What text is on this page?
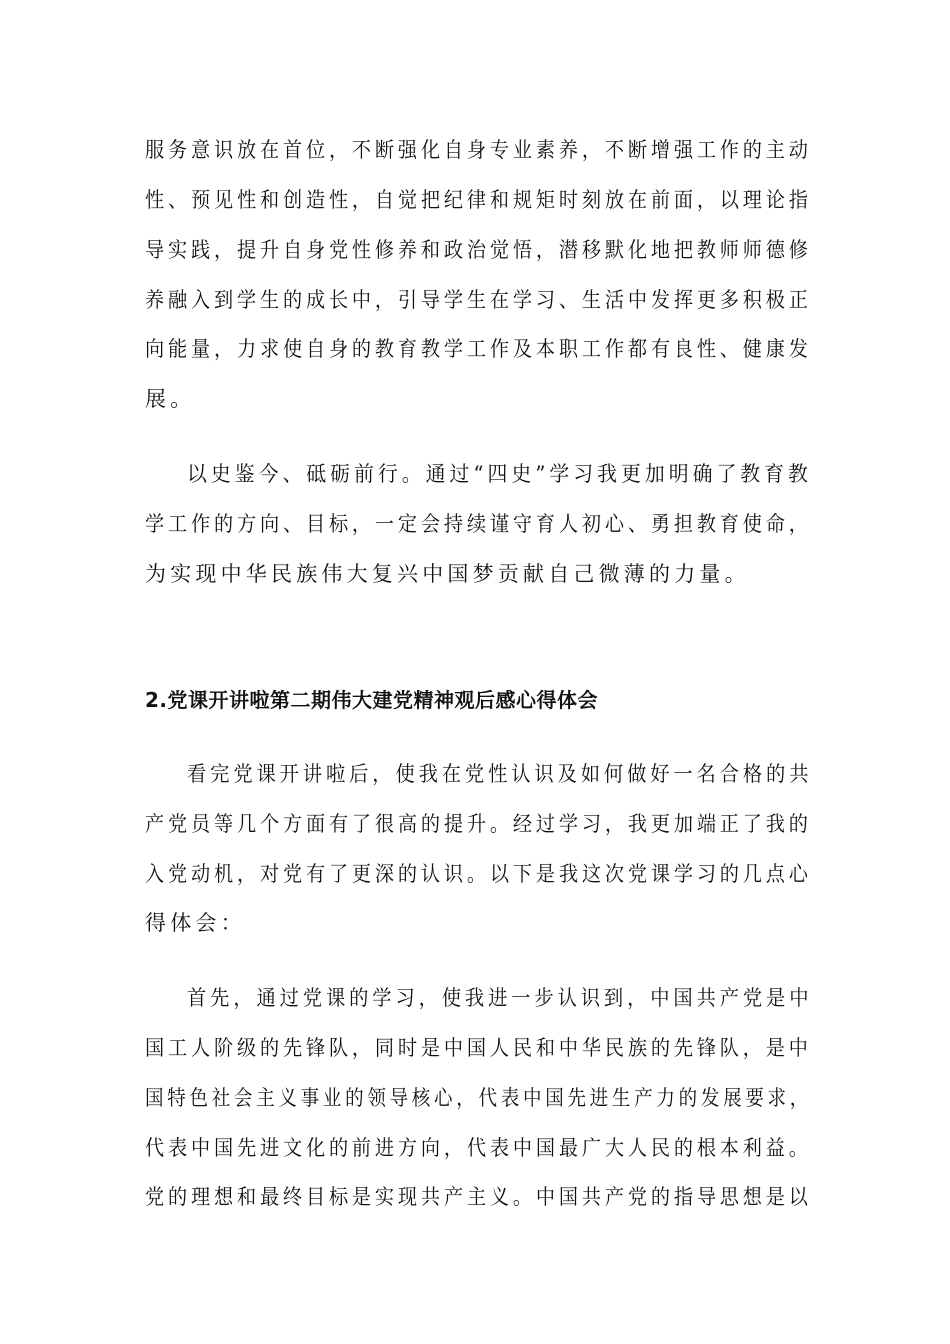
服务意识放在首位，不断强化自身专业素养，不断增强工作的主动
性、预见性和创造性，自觉把纪律和规矩时刻放在前面，以理论指
导实践，提升自身党性修养和政治觉悟，潜移默化地把教师师德修
养融入到学生的成长中，引导学生在学习、生活中发挥更多积极正
向能量，力求使自身的教育教学工作及本职工作都有良性、健康发
展。
以史鉴今、砥砺前行。通过“四史”学习我更加明确了教育教
学工作的方向、目标，一定会持续谨守育人初心、勇担教育使命，
为实现中华民族伟大复兴中国梦贡献自己微薄的力量。
2.党课开讲啦第二期伟大建党精神观后感心得体会
看完党课开讲啦后，使我在党性认识及如何做好一名合格的共
产党员等几个方面有了很高的提升。经过学习，我更加端正了我的
入党动机，对党有了更深的认识。以下是我这次党课学习的几点心
得体会：
首先，通过党课的学习，使我进一步认识到，中国共产党是中
国工人阶级的先锋队，同时是中国人民和中华民族的先锋队，是中
国特色社会主义事业的领导核心，代表中国先进生产力的发展要求，
代表中国先进文化的前进方向，代表中国最广大人民的根本利益。
党的理想和最终目标是实现共产主义。中国共产党的指导思想是以
